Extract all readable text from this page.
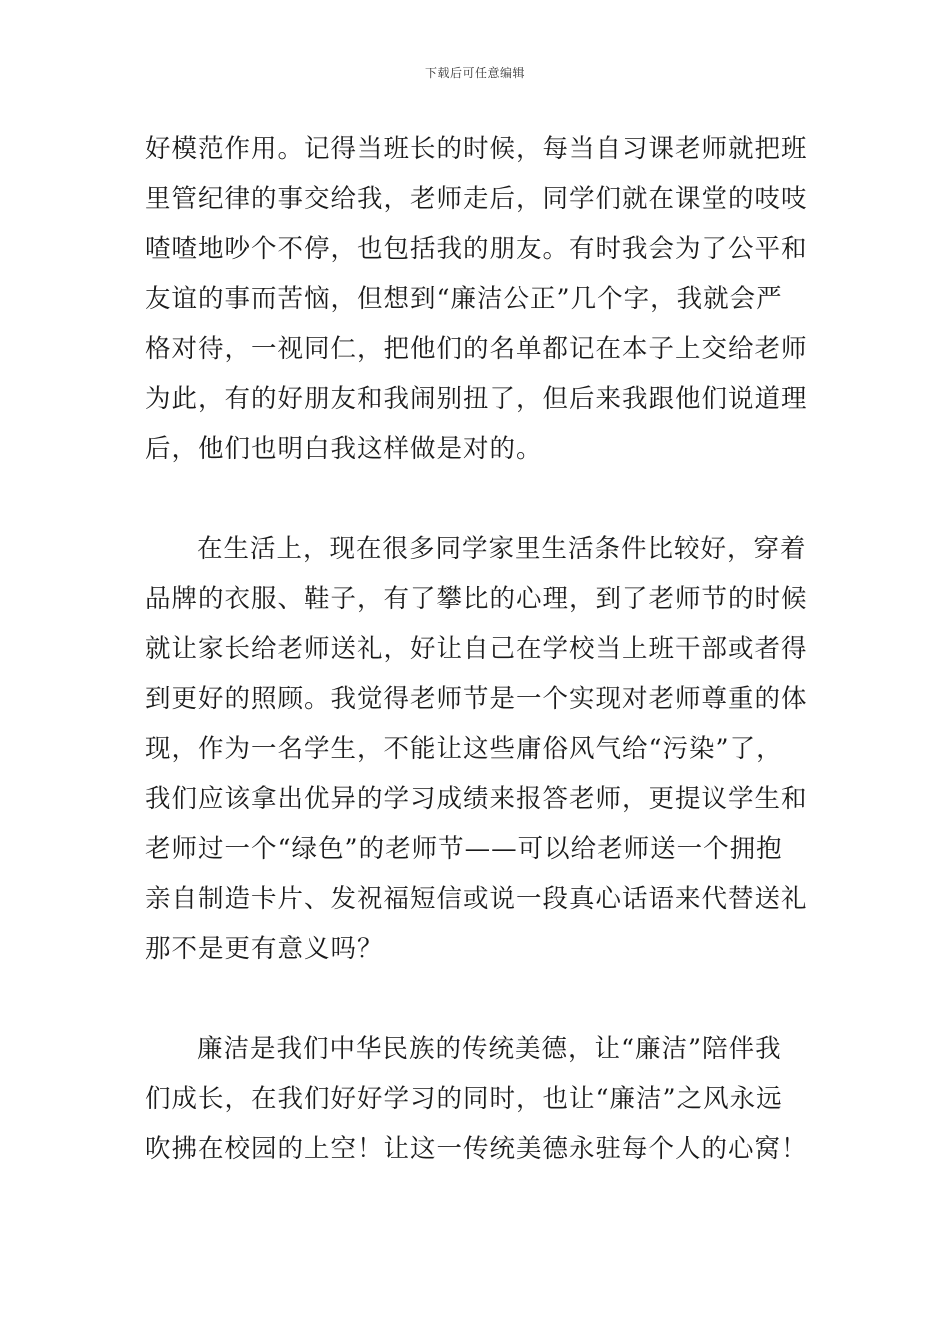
下载后可任意编辑
好模范作用。记得当班长的时候，每当自习课老师就把班
里管纪律的事交给我，老师走后，同学们就在课堂的吱吱
喳喳地吵个不停，也包括我的朋友。有时我会为了公平和
友谊的事而苦恼，但想到“廉洁公正”几个字，我就会严
格对待，一视同仁，把他们的名单都记在本子上交给老师
为此，有的好朋友和我闹别扭了，但后来我跟他们说道理
后，他们也明白我这样做是对的。
在生活上，现在很多同学家里生活条件比较好，穿着
品牌的衣服、鞋子，有了攀比的心理，到了老师节的时候
就让家长给老师送礼，好让自己在学校当上班干部或者得
到更好的照顾。我觉得老师节是一个实现对老师尊重的体
现，作为一名学生，不能让这些庸俗风气给“污染”了，
我们应该拿出优异的学习成绩来报答老师，更提议学生和
老师过一个“绿色”的老师节——可以给老师送一个拥抱
亲自制造卡片、发祝福短信或说一段真心话语来代替送礼
那不是更有意义吗？
廉洁是我们中华民族的传统美德，让“廉洁”陪伴我
们成长，在我们好好学习的同时，也让“廉洁”之风永远
吹拂在校园的上空！让这一传统美德永驻每个人的心窝！
